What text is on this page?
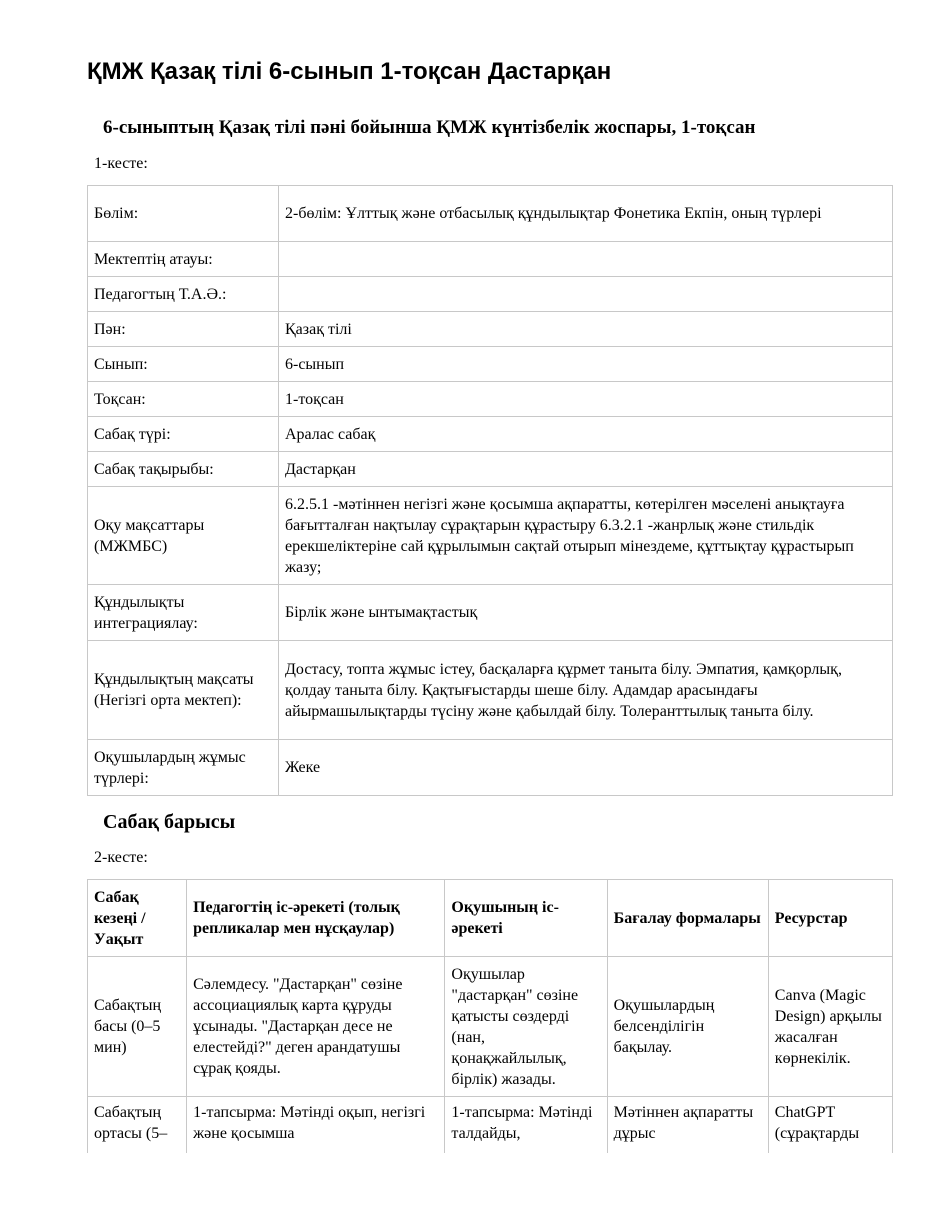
ҚМЖ Қазақ тілі 6-сынып 1-тоқсан Дастарқан
6-сыныптың Қазақ тілі пәні бойынша ҚМЖ күнтізбелік жоспары, 1-тоқсан
1-кесте:
Бөлім:	2-бөлім: Ұлттық және отбасылық құндылықтар Фонетика Екпін, оның түрлері
Мектептің атауы:	
Педагогтың Т.А.Ә.:	
Пән:	Қазақ тілі
Сынып:	6-сынып
Тоқсан:	1-тоқсан
Сабақ түрі:	Аралас сабақ
Сабақ тақырыбы:	Дастарқан
Оқу мақсаттары (МЖМБС)	6.2.5.1 -мәтіннен негізгі және қосымша ақпаратты, көтерілген мәселені анықтауға бағытталған нақтылау сұрақтарын құрастыру 6.3.2.1 -жанрлық және стильдік ерекшеліктеріне сай құрылымын сақтай отырып мінездеме, құттықтау құрастырып жазу;
Құндылықты интеграциялау:	Бірлік және ынтымақтастық
Құндылықтың мақсаты (Негізгі орта мектеп):	Достасу, топта жұмыс істеу, басқаларға құрмет таныта білу. Эмпатия, қамқорлық, қолдау таныта білу. Қақтығыстарды шеше білу. Адамдар арасындағы айырмашылықтарды түсіну және қабылдай білу. Толеранттылық таныта білу.
Оқушылардың жұмыс түрлері:	Жеке
Сабақ барысы
2-кесте:
Сабақ кезеңі / Уақыт	Педагогтің іс-әрекеті (толық репликалар мен нұсқаулар)	Оқушының іс-әрекеті	Бағалау формалары	Ресурстар
Сабақтың басы (0–5 мин)	Сәлемдесу. "Дастарқан" сөзіне ассоциациялық карта құруды ұсынады. "Дастарқан десе не елестейді?" деген арандатушы сұрақ қояды.	Оқушылар "дастарқан" сөзіне қатысты сөздерді (нан, қонақжайлылық, бірлік) жазады.	Оқушылардың белсенділігін бақылау.	Canva (Magic Design) арқылы жасалған көрнекілік.
Сабақтың ортасы (5–	1-тапсырма: Мәтінді оқып, негізгі және қосымша	1-тапсырма: Мәтінді талдайды,	Мәтіннен ақпаратты дұрыс	ChatGPT (сұрақтарды
